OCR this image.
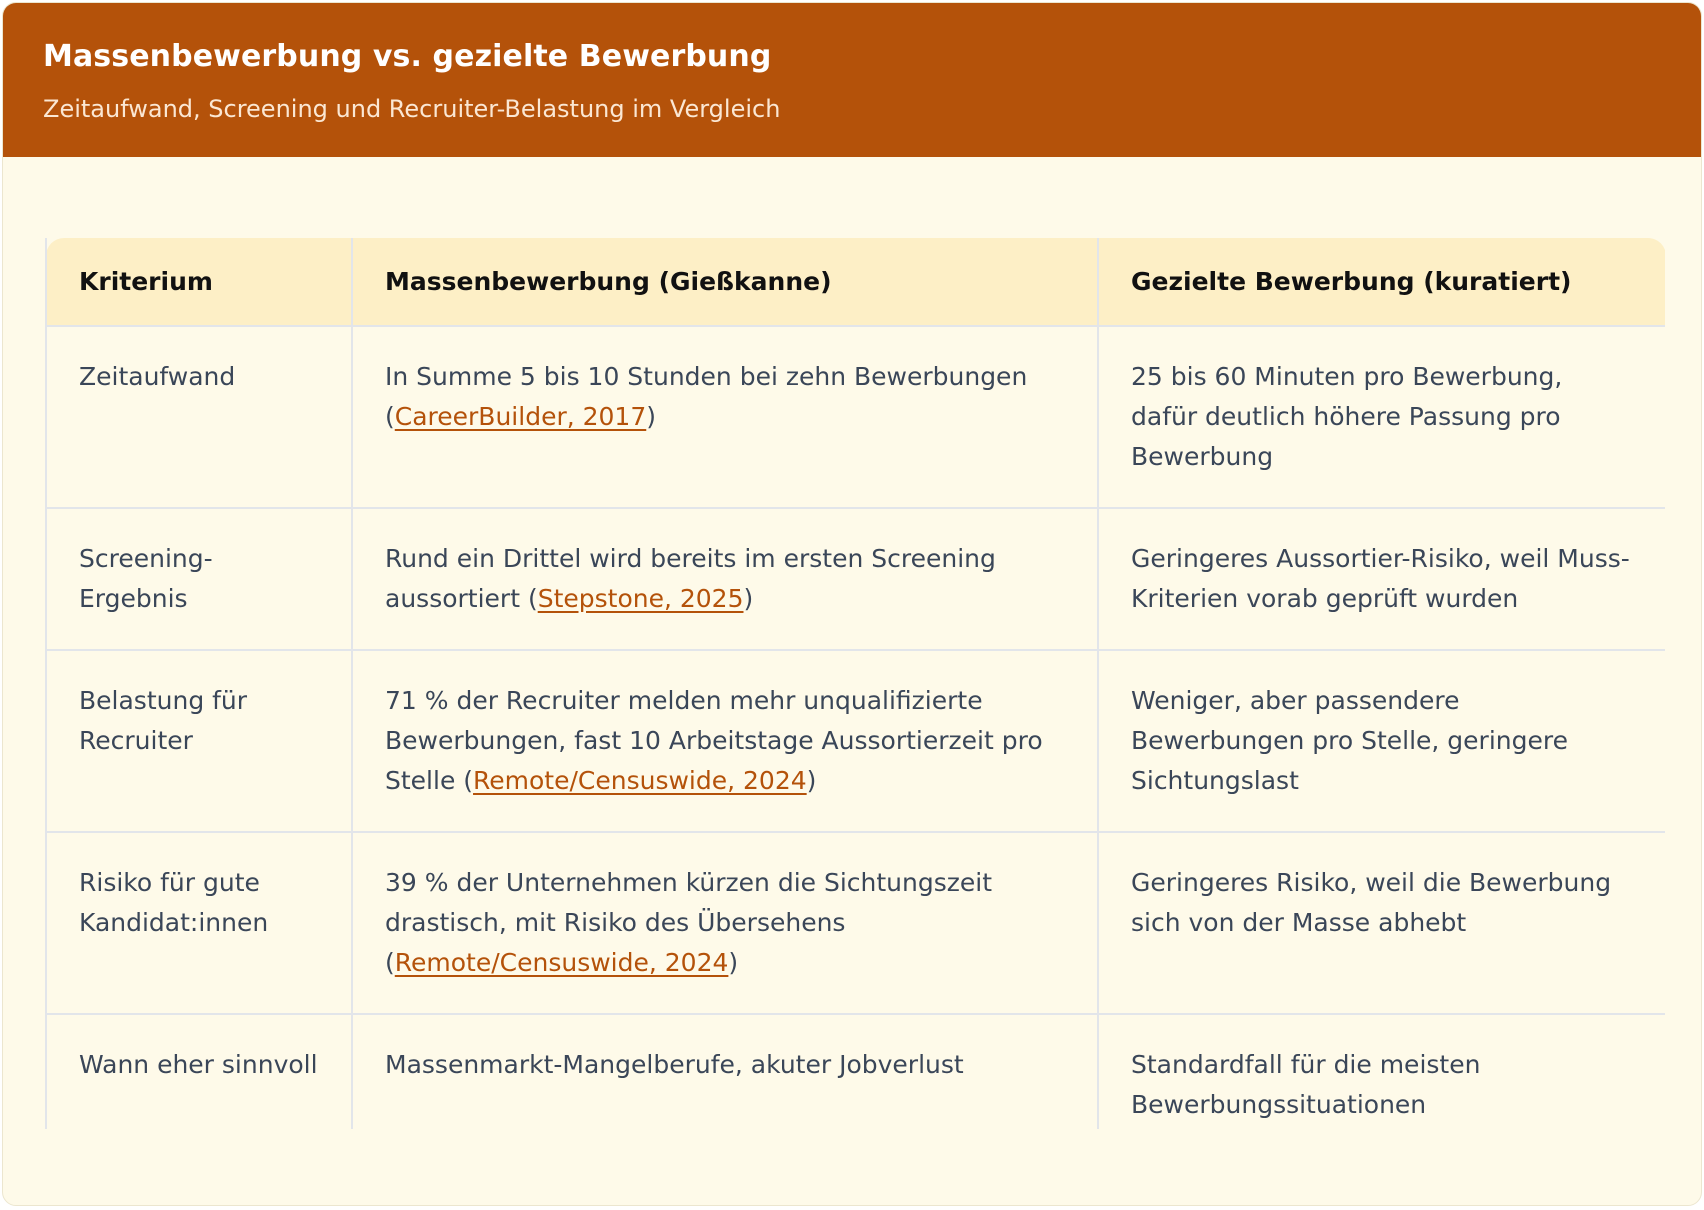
Massenbewerbung vs. gezielte Bewerbung

Zeitaufwand, Screening und Recruiter-Belastung im Vergleich

Kriterium	Massenbewerbung (Gießkanne)	Gezielte Bewerbung (kuratiert)
Zeitaufwand	In Summe 5 bis 10 Stunden bei zehn Bewerbungen (CareerBuilder, 2017)	25 bis 60 Minuten pro Bewerbung, dafür deutlich höhere Passung pro Bewerbung
Screening-Ergebnis	Rund ein Drittel wird bereits im ersten Screening aussortiert (Stepstone, 2025)	Geringeres Aussortier-Risiko, weil Muss-Kriterien vorab geprüft wurden
Belastung für Recruiter	71 % der Recruiter melden mehr unqualifizierte Bewerbungen, fast 10 Arbeitstage Aussortierzeit pro Stelle (Remote/Censuswide, 2024)	Weniger, aber passendere Bewerbungen pro Stelle, geringere Sichtungslast
Risiko für gute Kandidat:innen	39 % der Unternehmen kürzen die Sichtungszeit drastisch, mit Risiko des Übersehens (Remote/Censuswide, 2024)	Geringeres Risiko, weil die Bewerbung sich von der Masse abhebt
Wann eher sinnvoll	Massenmarkt-Mangelberufe, akuter Jobverlust	Standardfall für die meisten Bewerbungssituationen
